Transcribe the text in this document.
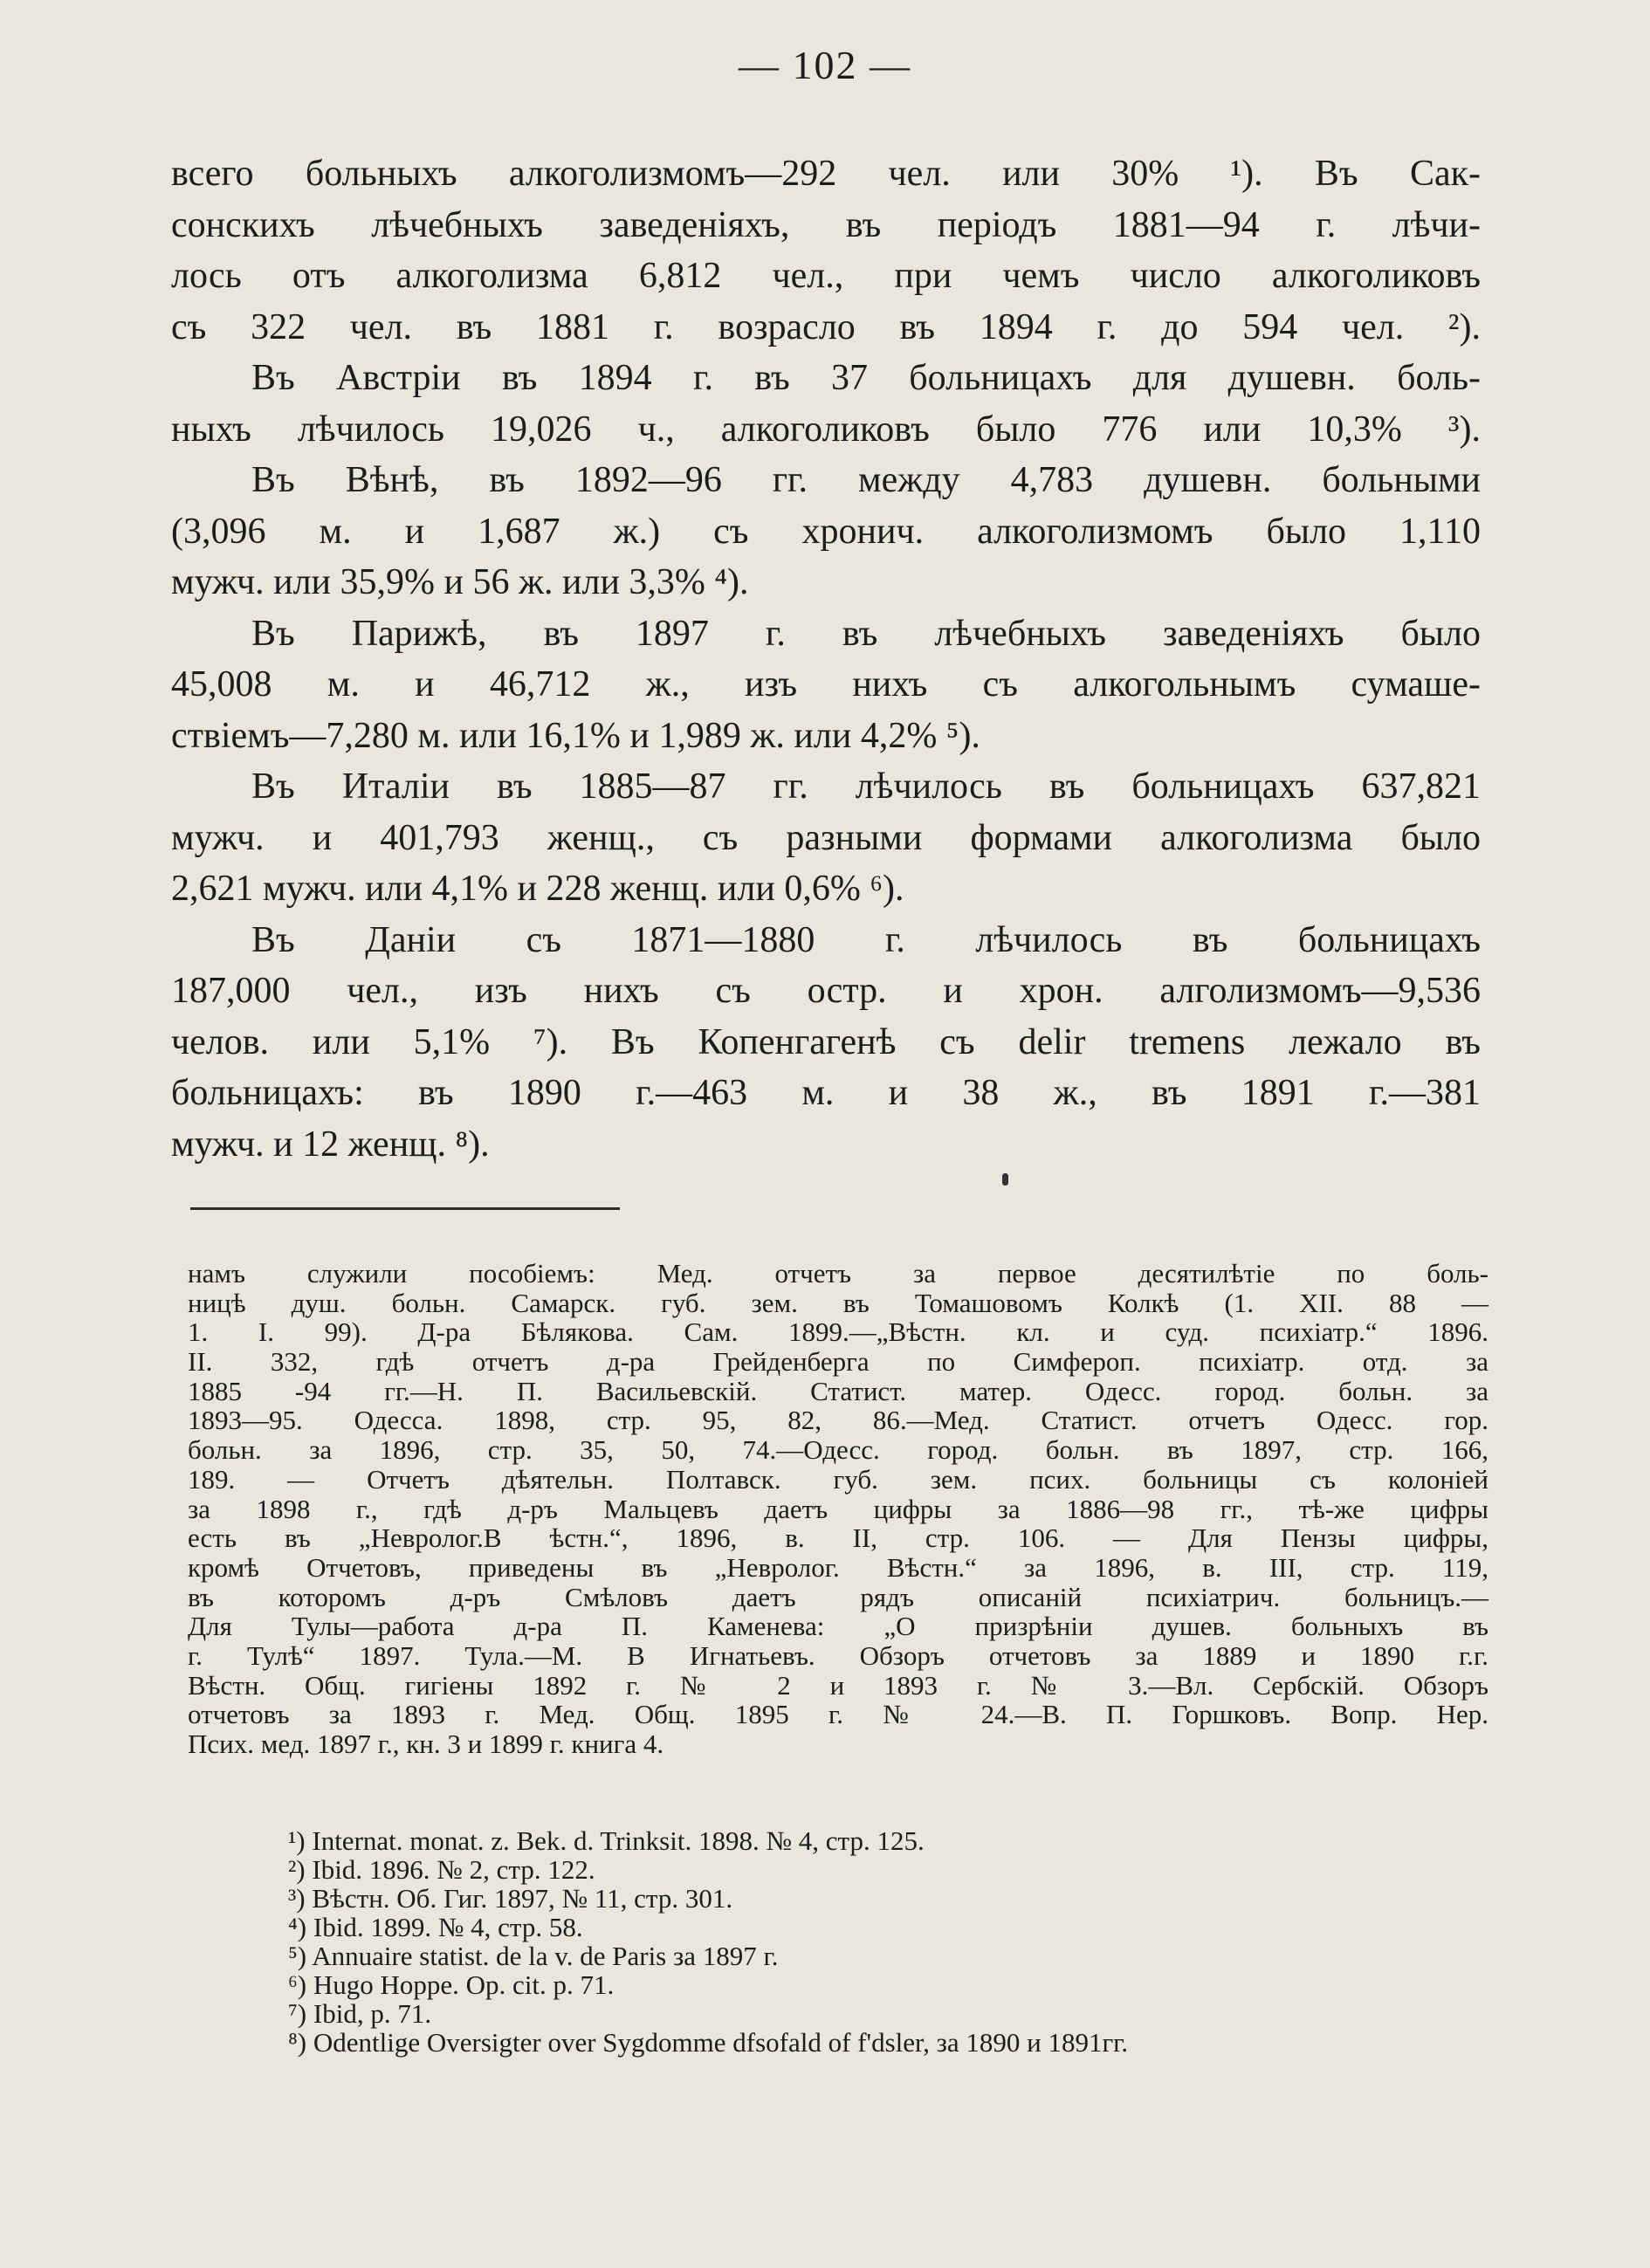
— 102 —
всего больныхъ алкоголизмомъ—292 чел. или 30% ¹). Въ Сак-
сонскихъ лѣчебныхъ заведеніяхъ, въ періодъ 1881—94 г. лѣчи-
лось отъ алкоголизма 6,812 чел., при чемъ число алкоголиковъ
съ 322 чел. въ 1881 г. возрасло въ 1894 г. до 594 чел. ²).
Въ Австріи въ 1894 г. въ 37 больницахъ для душевн. боль-
ныхъ лѣчилось 19,026 ч., алкоголиковъ было 776 или 10,3% ³).
Въ Вѣнѣ, въ 1892—96 гг. между 4,783 душевн. больными
(3,096 м. и 1,687 ж.) съ хронич. алкоголизмомъ было 1,110
мужч. или 35,9% и 56 ж. или 3,3% ⁴).
Въ Парижѣ, въ 1897 г. въ лѣчебныхъ заведеніяхъ было
45,008 м. и 46,712 ж., изъ нихъ съ алкогольнымъ сумаше-
ствіемъ—7,280 м. или 16,1% и 1,989 ж. или 4,2% ⁵).
Въ Италіи въ 1885—87 гг. лѣчилось въ больницахъ 637,821
мужч. и 401,793 женщ., съ разными формами алкоголизма было
2,621 мужч. или 4,1% и 228 женщ. или 0,6% ⁶).
Въ Даніи съ 1871—1880 г. лѣчилось въ больницахъ
187,000 чел., изъ нихъ съ остр. и хрон. алголизмомъ—9,536
челов. или 5,1% ⁷). Въ Копенгагенѣ съ delir tremens лежало въ
больницахъ: въ 1890 г.—463 м. и 38 ж., въ 1891 г.—381
мужч. и 12 женщ. ⁸).
намъ служили пособіемъ: Мед. отчетъ за первое десятилѣтіе по боль-
ницѣ душ. больн. Самарск. губ. зем. въ Томашовомъ Колкѣ (1. XII. 88 —
1. I. 99). Д-ра Бѣлякова. Сам. 1899.—„Вѣстн. кл. и суд. психіатр.“ 1896.
II. 332, гдѣ отчетъ д-ра Грейденберга по Симфероп. психіатр. отд. за
1885 -94 гг.—Н. П. Васильевскій. Статист. матер. Одесс. город. больн. за
1893—95. Одесса. 1898, стр. 95, 82, 86.—Мед. Статист. отчетъ Одесс. гор.
больн. за 1896, стр. 35, 50, 74.—Одесс. город. больн. въ 1897, стр. 166,
189. — Отчетъ дѣятельн. Полтавск. губ. зем. псих. больницы съ колоніей
за 1898 г., гдѣ д-ръ Мальцевъ даетъ цифры за 1886—98 гг., тѣ-же цифры
есть въ „Невролог.В ѣстн.“, 1896, в. II, стр. 106. — Для Пензы цифры,
кромѣ Отчетовъ, приведены въ „Невролог. Вѣстн.“ за 1896, в. III, стр. 119,
въ которомъ д-ръ Смѣловъ даетъ рядъ описаній психіатрич. больницъ.—
Для Тулы—работа д-ра П. Каменева: „О призрѣніи душев. больныхъ въ
г. Тулѣ“ 1897. Тула.—М. В Игнатьевъ. Обзоръ отчетовъ за 1889 и 1890 г.г.
Вѣстн. Общ. гигіены 1892 г. № 2 и 1893 г. № 3.—Вл. Сербскій. Обзоръ
отчетовъ за 1893 г. Мед. Общ. 1895 г. № 24.—В. П. Горшковъ. Вопр. Нер.
Псих. мед. 1897 г., кн. 3 и 1899 г. книга 4.
¹) Internat. monat. z. Bek. d. Trinksit. 1898. № 4, стр. 125.
²) Ibid. 1896. № 2, стр. 122.
³) Вѣстн. Об. Гиг. 1897, № 11, стр. 301.
⁴) Ibid. 1899. № 4, стр. 58.
⁵) Annuaire statist. de la v. de Paris за 1897 г.
⁶) Hugo Hoppe. Op. cit. p. 71.
⁷) Ibid, p. 71.
⁸) Odentlige Oversigter over Sygdomme dfsofald of f'dsler, за 1890 и 1891гг.
